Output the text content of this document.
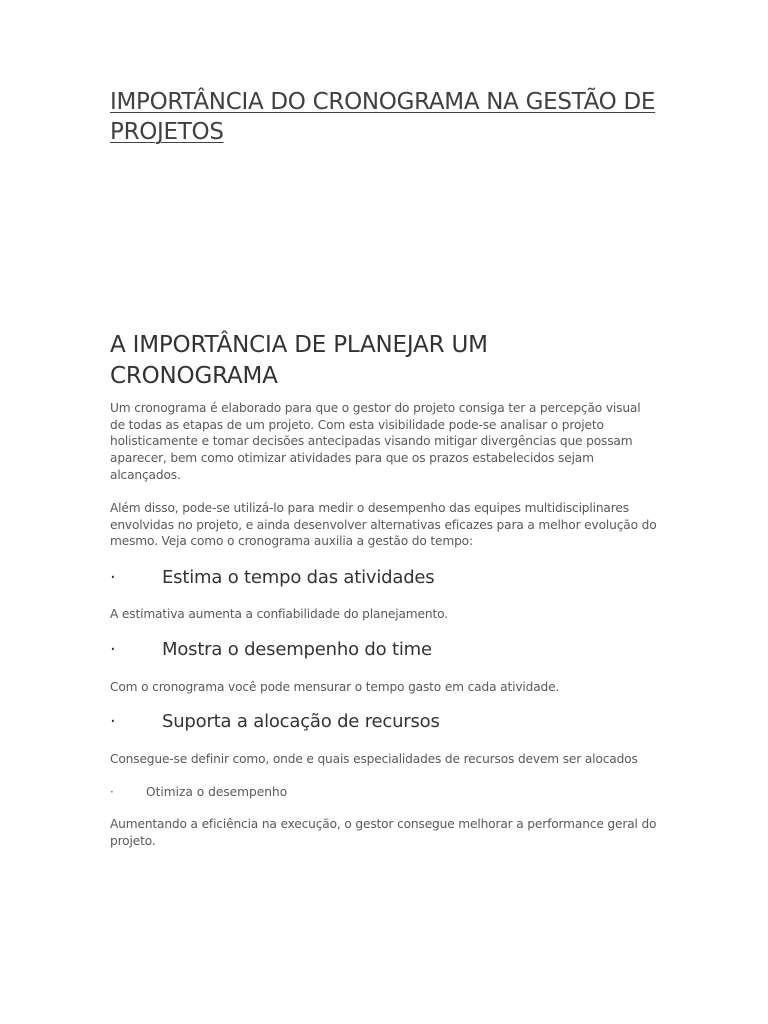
IMPORTÂNCIA DO CRONOGRAMA NA GESTÃO DE PROJETOS
A IMPORTÂNCIA DE PLANEJAR UM CRONOGRAMA

Um cronograma é elaborado para que o gestor do projeto consiga ter a percepção visual de todas as etapas de um projeto. Com esta visibilidade pode-se analisar o projeto holisticamente e tomar decisões antecipadas visando mitigar divergências que possam aparecer, bem como otimizar atividades para que os prazos estabelecidos sejam alcançados.

Além disso, pode-se utilizá-lo para medir o desempenho das equipes multidisciplinares envolvidas no projeto, e ainda desenvolver alternativas eficazes para a melhor evolução do mesmo. Veja como o cronograma auxilia a gestão do tempo:

·	Estima o tempo das atividades

A estimativa aumenta a confiabilidade do planejamento.

·	Mostra o desempenho do time

Com o cronograma você pode mensurar o tempo gasto em cada atividade.

·	Suporta a alocação de recursos

Consegue-se definir como, onde e quais especialidades de recursos devem ser alocados

·	Otimiza o desempenho

Aumentando a eficiência na execução, o gestor consegue melhorar a performance geral do projeto.
